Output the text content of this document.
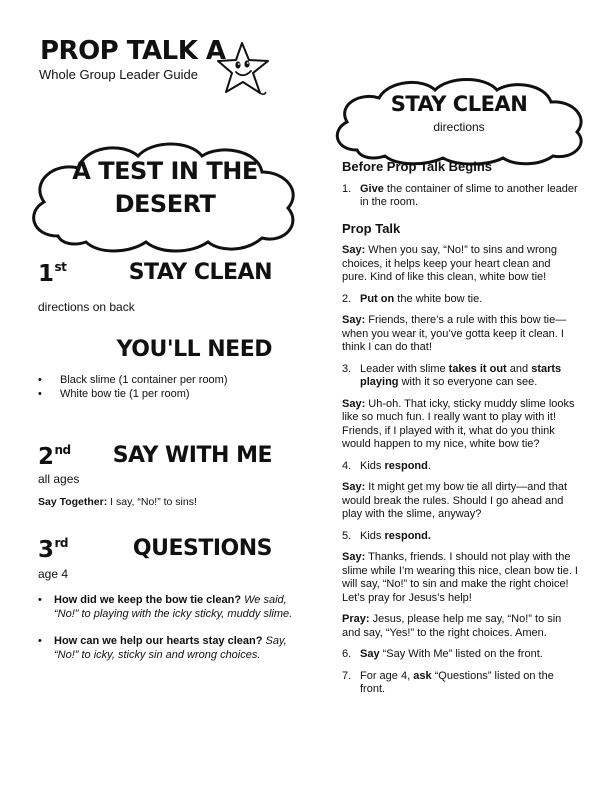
PROP TALK A
Whole Group Leader Guide
STAY CLEAN
directions
A TEST IN THE
DESERT
1st	STAY CLEAN
directions on back
YOU'LL NEED
• Black slime (1 container per room)
• White bow tie (1 per room)
2nd	SAY WITH ME
all ages
Say Together: I say, “No!” to sins!
3rd	QUESTIONS
age 4
• How did we keep the bow tie clean? We said, “No!” to playing with the icky sticky, muddy slime.
• How can we help our hearts stay clean? Say, “No!” to icky, sticky sin and wrong choices.
Before Prop Talk Begins
1. Give the container of slime to another leader in the room.
Prop Talk

Say: When you say, “No!” to sins and wrong choices, it helps keep your heart clean and pure. Kind of like this clean, white bow tie!

2. Put on the white bow tie.

Say: Friends, there’s a rule with this bow tie—when you wear it, you’ve gotta keep it clean. I think I can do that!

3. Leader with slime takes it out and starts playing with it so everyone can see.

Say: Uh-oh. That icky, sticky muddy slime looks like so much fun. I really want to play with it! Friends, if I played with it, what do you think would happen to my nice, white bow tie?

4. Kids respond.

Say: It might get my bow tie all dirty—and that would break the rules. Should I go ahead and play with the slime, anyway?

5. Kids respond.

Say: Thanks, friends. I should not play with the slime while I’m wearing this nice, clean bow tie. I will say, “No!” to sin and make the right choice! Let’s pray for Jesus’s help!

Pray: Jesus, please help me say, “No!” to sin and say, “Yes!” to the right choices. Amen.

6. Say “Say With Me” listed on the front.
7. For age 4, ask “Questions” listed on the front.
